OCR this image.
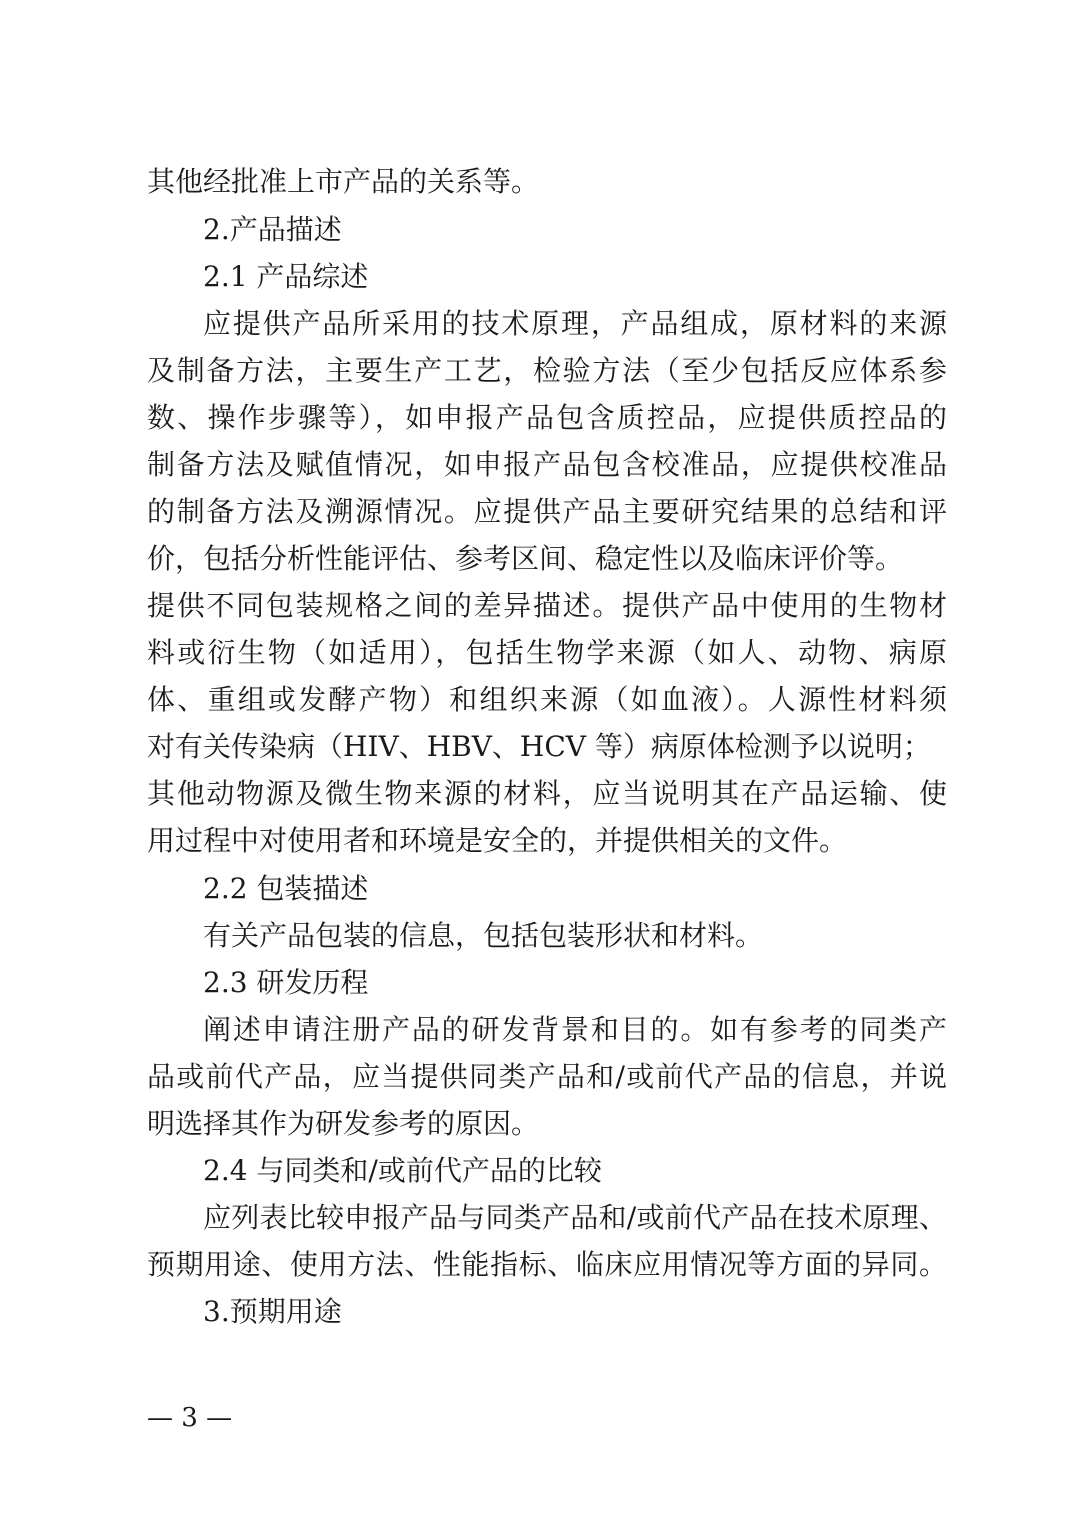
其他经批准上市产品的关系等。
2.产品描述
2.1 产品综述
应提供产品所采用的技术原理，产品组成，原材料的来源
及制备方法，主要生产工艺，检验方法（至少包括反应体系参
数、操作步骤等），如申报产品包含质控品，应提供质控品的
制备方法及赋值情况，如申报产品包含校准品，应提供校准品
的制备方法及溯源情况。应提供产品主要研究结果的总结和评
价，包括分析性能评估、参考区间、稳定性以及临床评价等。
提供不同包装规格之间的差异描述。提供产品中使用的生物材
料或衍生物（如适用），包括生物学来源（如人、动物、病原
体、重组或发酵产物）和组织来源（如血液）。人源性材料须
对有关传染病（HIV、HBV、HCV 等）病原体检测予以说明；
其他动物源及微生物来源的材料，应当说明其在产品运输、使
用过程中对使用者和环境是安全的，并提供相关的文件。
2.2 包装描述
有关产品包装的信息，包括包装形状和材料。
2.3 研发历程
阐述申请注册产品的研发背景和目的。如有参考的同类产
品或前代产品，应当提供同类产品和/或前代产品的信息，并说
明选择其作为研发参考的原因。
2.4 与同类和/或前代产品的比较
应列表比较申报产品与同类产品和/或前代产品在技术原理、
预期用途、使用方法、性能指标、临床应用情况等方面的异同。
3.预期用途
— 3 —
